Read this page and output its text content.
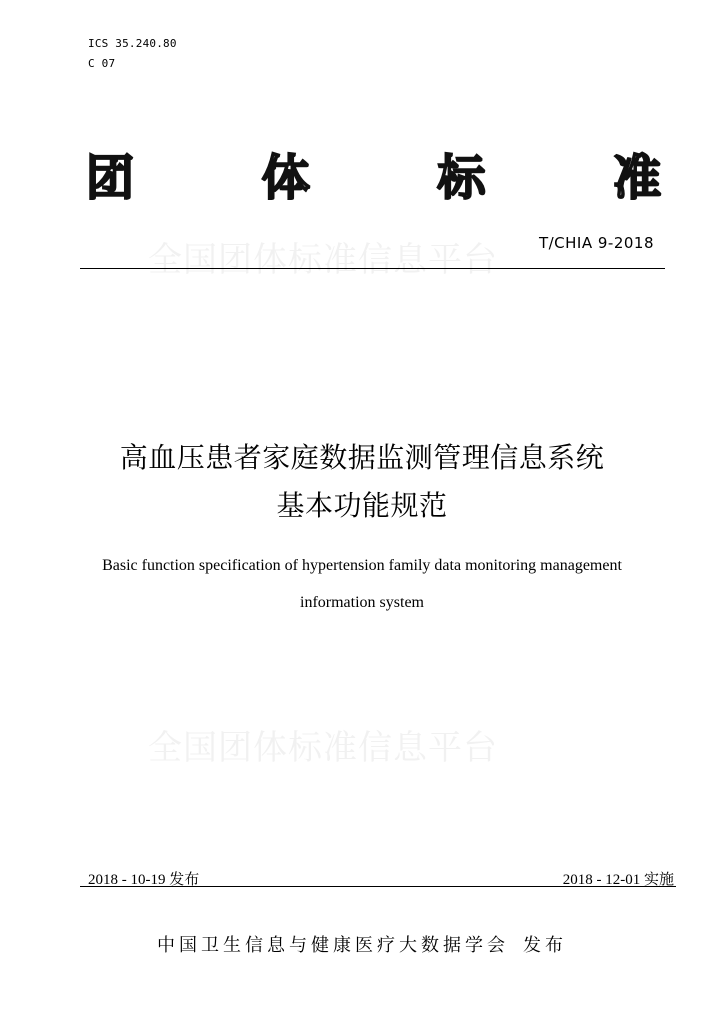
ICS 35.240.80
C 07
团	体	标	准
全国团体标准信息平台	T/CHIA 9-2018
高血压患者家庭数据监测管理信息系统
基本功能规范
Basic function specification of hypertension family data monitoring management
information system
全国团体标准信息平台
2018 - 10-19 发布	2018 - 12-01 实施
中国卫生信息与健康医疗大数据学会 发布
